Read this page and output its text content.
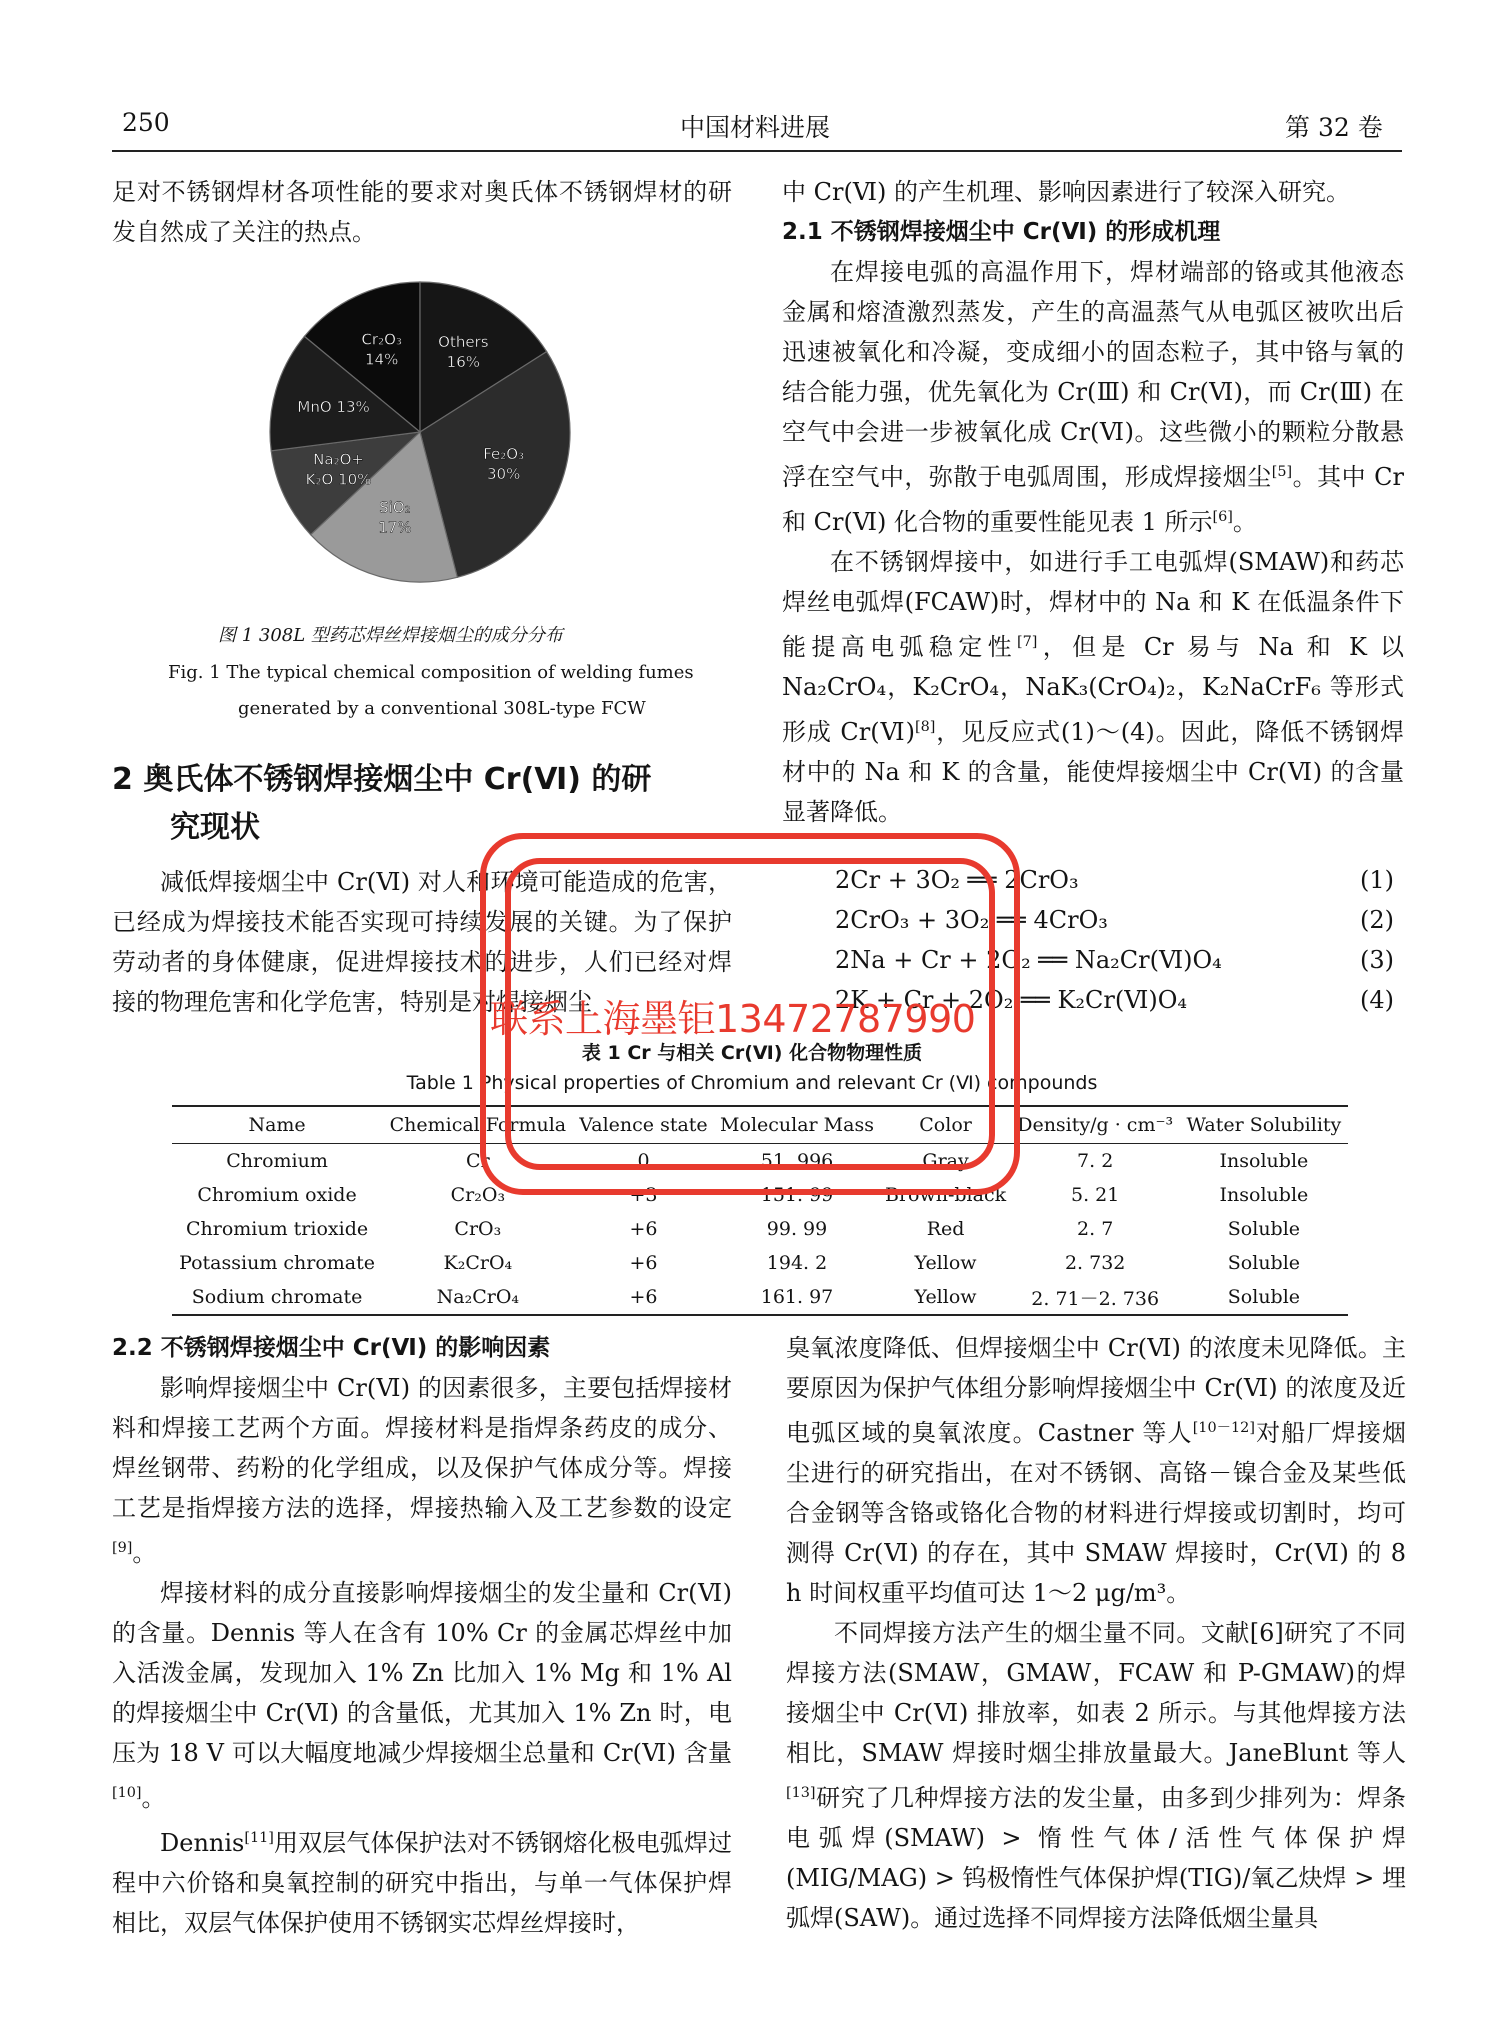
250	中国材料进展	第 32 卷

足对不锈钢焊材各项性能的要求对奥氏体不锈钢焊材的研发自然成了关注的热点。

Cr₂O₃
14%
Others
16%
Fe₂O₃
30%
SiO₂
17%
Na₂O+
K₂O 10%
MnO 13%
图 1 308L 型药芯焊丝焊接烟尘的成分分布
Fig. 1 The typical chemical composition of welding fumes
generated by a conventional 308L-type FCW
2 奥氏体不锈钢焊接烟尘中 Cr(Ⅵ) 的研
究现状

减低焊接烟尘中 Cr(Ⅵ) 对人和环境可能造成的危害，已经成为焊接技术能否实现可持续发展的关键。为了保护劳动者的身体健康，促进焊接技术的进步，人们已经对焊接的物理危害和化学危害，特别是对焊接烟尘

中 Cr(Ⅵ) 的产生机理、影响因素进行了较深入研究。

2.1 不锈钢焊接烟尘中 Cr(Ⅵ) 的形成机理

在焊接电弧的高温作用下，焊材端部的铬或其他液态金属和熔渣激烈蒸发，产生的高温蒸气从电弧区被吹出后迅速被氧化和冷凝，变成细小的固态粒子，其中铬与氧的结合能力强，优先氧化为 Cr(Ⅲ) 和 Cr(Ⅵ)，而 Cr(Ⅲ) 在空气中会进一步被氧化成 Cr(Ⅵ)。这些微小的颗粒分散悬浮在空气中，弥散于电弧周围，形成焊接烟尘[5]。其中 Cr 和 Cr(Ⅵ) 化合物的重要性能见表 1 所示[6]。

在不锈钢焊接中，如进行手工电弧焊(SMAW)和药芯焊丝电弧焊(FCAW)时，焊材中的 Na 和 K 在低温条件下能提高电弧稳定性[7]，但是 Cr 易与 Na 和 K 以 Na₂CrO₄，K₂CrO₄，NaK₃(CrO₄)₂，K₂NaCrF₆ 等形式形成 Cr(Ⅵ)[8]，见反应式(1)～(4)。因此，降低不锈钢焊材中的 Na 和 K 的含量，能使焊接烟尘中 Cr(Ⅵ) 的含量显著降低。

2Cr + 3O₂ ══ 2CrO₃	(1)
2CrO₃ + 3O₂ ══ 4CrO₃	(2)
2Na + Cr + 2O₂ ══ Na₂Cr(Ⅵ)O₄	(3)
2K + Cr + 2O₂ ══ K₂Cr(Ⅵ)O₄	(4)
表 1 Cr 与相关 Cr(Ⅵ) 化合物物理性质
Table 1 Physical properties of Chromium and relevant Cr (Ⅵ) compounds
Name	Chemical Formula	Valence state	Molecular Mass	Color	Density/g · cm⁻³	Water Solubility
Chromium	Cr	0	51. 996	Gray	7. 2	Insoluble
Chromium oxide	Cr₂O₃	+3	151. 99	Brown-black	5. 21	Insoluble
Chromium trioxide	CrO₃	+6	99. 99	Red	2. 7	Soluble
Potassium chromate	K₂CrO₄	+6	194. 2	Yellow	2. 732	Soluble
Sodium chromate	Na₂CrO₄	+6	161. 97	Yellow	2. 71－2. 736	Soluble

2.2 不锈钢焊接烟尘中 Cr(Ⅵ) 的影响因素

影响焊接烟尘中 Cr(Ⅵ) 的因素很多，主要包括焊接材料和焊接工艺两个方面。焊接材料是指焊条药皮的成分、焊丝钢带、药粉的化学组成，以及保护气体成分等。焊接工艺是指焊接方法的选择，焊接热输入及工艺参数的设定[9]。

焊接材料的成分直接影响焊接烟尘的发尘量和 Cr(Ⅵ) 的含量。Dennis 等人在含有 10% Cr 的金属芯焊丝中加入活泼金属，发现加入 1% Zn 比加入 1% Mg 和 1% Al 的焊接烟尘中 Cr(Ⅵ) 的含量低，尤其加入 1% Zn 时，电压为 18 V 可以大幅度地减少焊接烟尘总量和 Cr(Ⅵ) 含量[10]。

Dennis[11]用双层气体保护法对不锈钢熔化极电弧焊过程中六价铬和臭氧控制的研究中指出，与单一气体保护焊相比，双层气体保护使用不锈钢实芯焊丝焊接时，

臭氧浓度降低、但焊接烟尘中 Cr(Ⅵ) 的浓度未见降低。主要原因为保护气体组分影响焊接烟尘中 Cr(Ⅵ) 的浓度及近电弧区域的臭氧浓度。Castner 等人[10－12]对船厂焊接烟尘进行的研究指出，在对不锈钢、高铬－镍合金及某些低合金钢等含铬或铬化合物的材料进行焊接或切割时，均可测得 Cr(Ⅵ) 的存在，其中 SMAW 焊接时，Cr(Ⅵ) 的 8 h 时间权重平均值可达 1～2 μg/m³。

不同焊接方法产生的烟尘量不同。文献[6]研究了不同焊接方法(SMAW，GMAW，FCAW 和 P-GMAW)的焊接烟尘中 Cr(Ⅵ) 排放率，如表 2 所示。与其他焊接方法相比，SMAW 焊接时烟尘排放量最大。JaneBlunt 等人[13]研究了几种焊接方法的发尘量，由多到少排列为：焊条电弧焊(SMAW) > 惰性气体/活性气体保护焊(MIG/MAG) > 钨极惰性气体保护焊(TIG)/氧乙炔焊 > 埋弧焊(SAW)。通过选择不同焊接方法降低烟尘量具

联系上海墨钜13472787990
